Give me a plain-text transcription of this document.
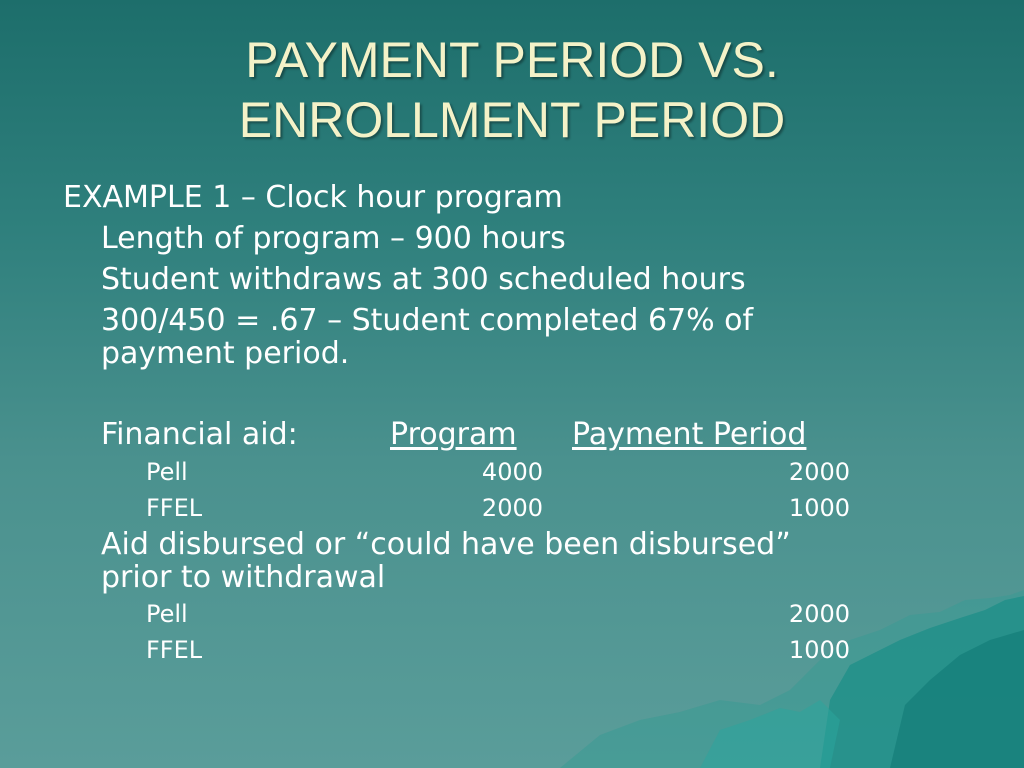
PAYMENT PERIOD VS.
ENROLLMENT PERIOD
EXAMPLE 1 – Clock hour program
Length of program – 900 hours
Student withdraws at 300 scheduled hours
300/450 = .67 – Student completed 67% of
payment period.
Financial aid:	Program Payment Period
Pell	4000	2000
FFEL	2000	1000
Aid disbursed or “could have been disbursed”
prior to withdrawal
Pell	2000
FFEL	1000
